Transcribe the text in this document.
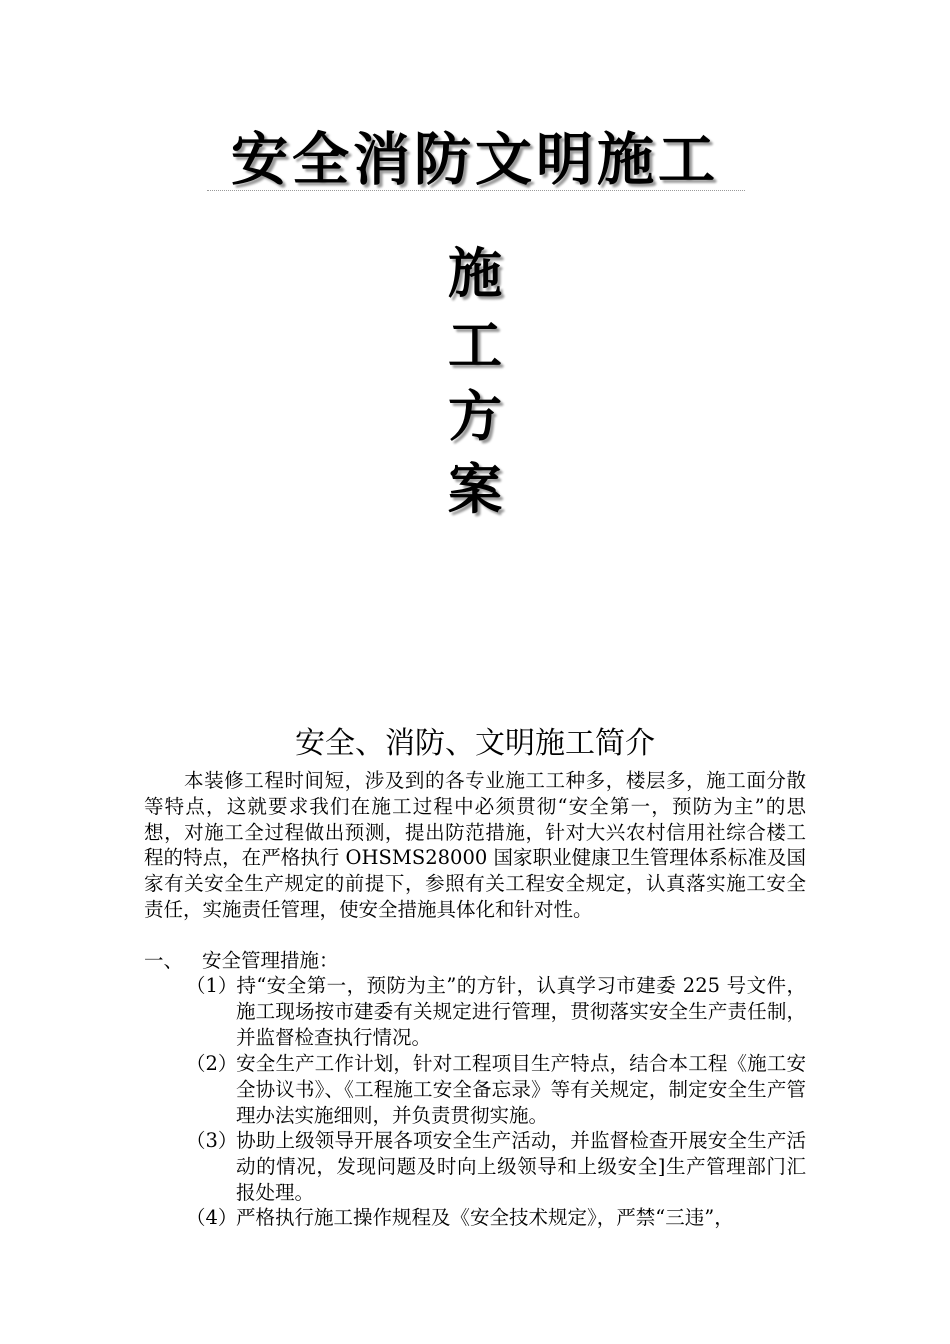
安全消防文明施工
施
工
方
案
安全、消防、文明施工简介
本装修工程时间短，涉及到的各专业施工工种多，楼层多，施工面分散等特点，这就要求我们在施工过程中必须贯彻“安全第一，预防为主”的思想，对施工全过程做出预测，提出防范措施，针对大兴农村信用社综合楼工程的特点，在严格执行 OHSMS28000 国家职业健康卫生管理体系标准及国家有关安全生产规定的前提下，参照有关工程安全规定，认真落实施工安全责任，实施责任管理，使安全措施具体化和针对性。
一、 安全管理措施：
（1）持“安全第一，预防为主”的方针，认真学习市建委 225 号文件，施工现场按市建委有关规定进行管理，贯彻落实安全生产责任制，并监督检查执行情况。
（2）安全生产工作计划，针对工程项目生产特点，结合本工程《施工安全协议书》、《工程施工安全备忘录》等有关规定，制定安全生产管理办法实施细则，并负责贯彻实施。
（3）协助上级领导开展各项安全生产活动，并监督检查开展安全生产活动的情况，发现问题及时向上级领导和上级安全]生产管理部门汇报处理。
（4）严格执行施工操作规程及《安全技术规定》，严禁“三违”，
